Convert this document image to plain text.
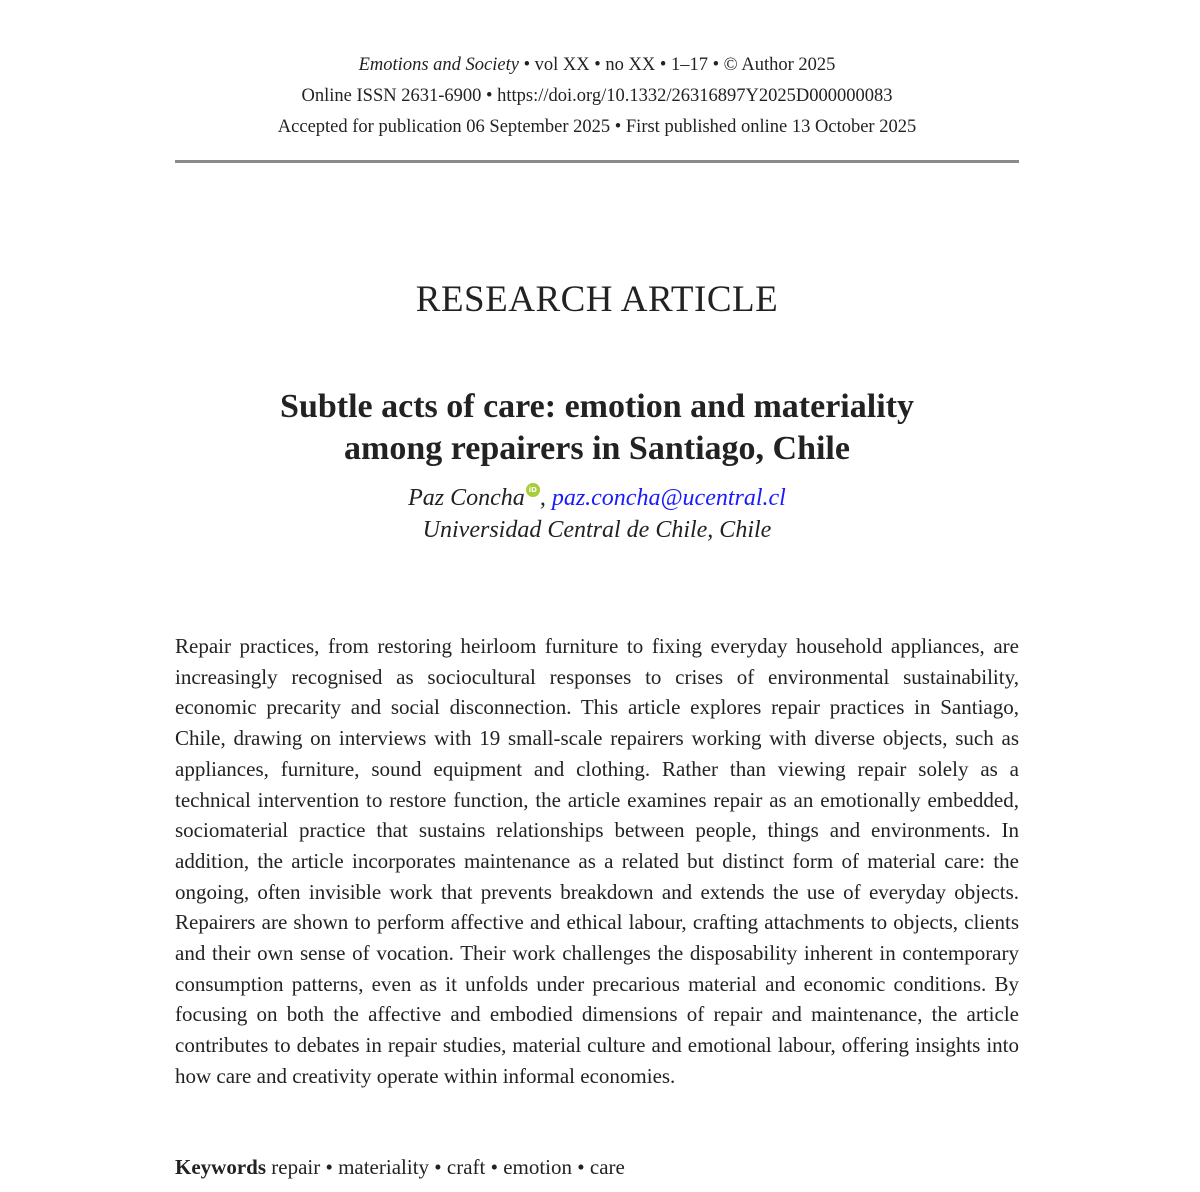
Emotions and Society • vol XX • no XX • 1–17 • © Author 2025
Online ISSN 2631-6900 • https://doi.org/10.1332/26316897Y2025D000000083
Accepted for publication 06 September 2025 • First published online 13 October 2025
RESEARCH ARTICLE
Subtle acts of care: emotion and materiality
among repairers in Santiago, Chile
Paz Concha iD , paz.concha@ucentral.cl
Universidad Central de Chile, Chile

Repair practices, from restoring heirloom furniture to fixing everyday household appliances, are increasingly recognised as sociocultural responses to crises of environmental sustainability, economic precarity and social disconnection. This article explores repair practices in Santiago, Chile, drawing on interviews with 19 small-scale repairers working with diverse objects, such as appliances, furniture, sound equipment and clothing. Rather than viewing repair solely as a technical intervention to restore function, the article examines repair as an emotionally embedded, sociomaterial practice that sustains relationships between people, things and environments. In addition, the article incorporates maintenance as a related but distinct form of material care: the ongoing, often invisible work that prevents breakdown and extends the use of everyday objects. Repairers are shown to perform affective and ethical labour, crafting attachments to objects, clients and their own sense of vocation. Their work challenges the disposability inherent in contemporary consumption patterns, even as it unfolds under precarious material and economic conditions. By focusing on both the affective and embodied dimensions of repair and maintenance, the article contributes to debates in repair studies, material culture and emotional labour, offering insights into how care and creativity operate within informal economies.

Keywords repair • materiality • craft • emotion • care
